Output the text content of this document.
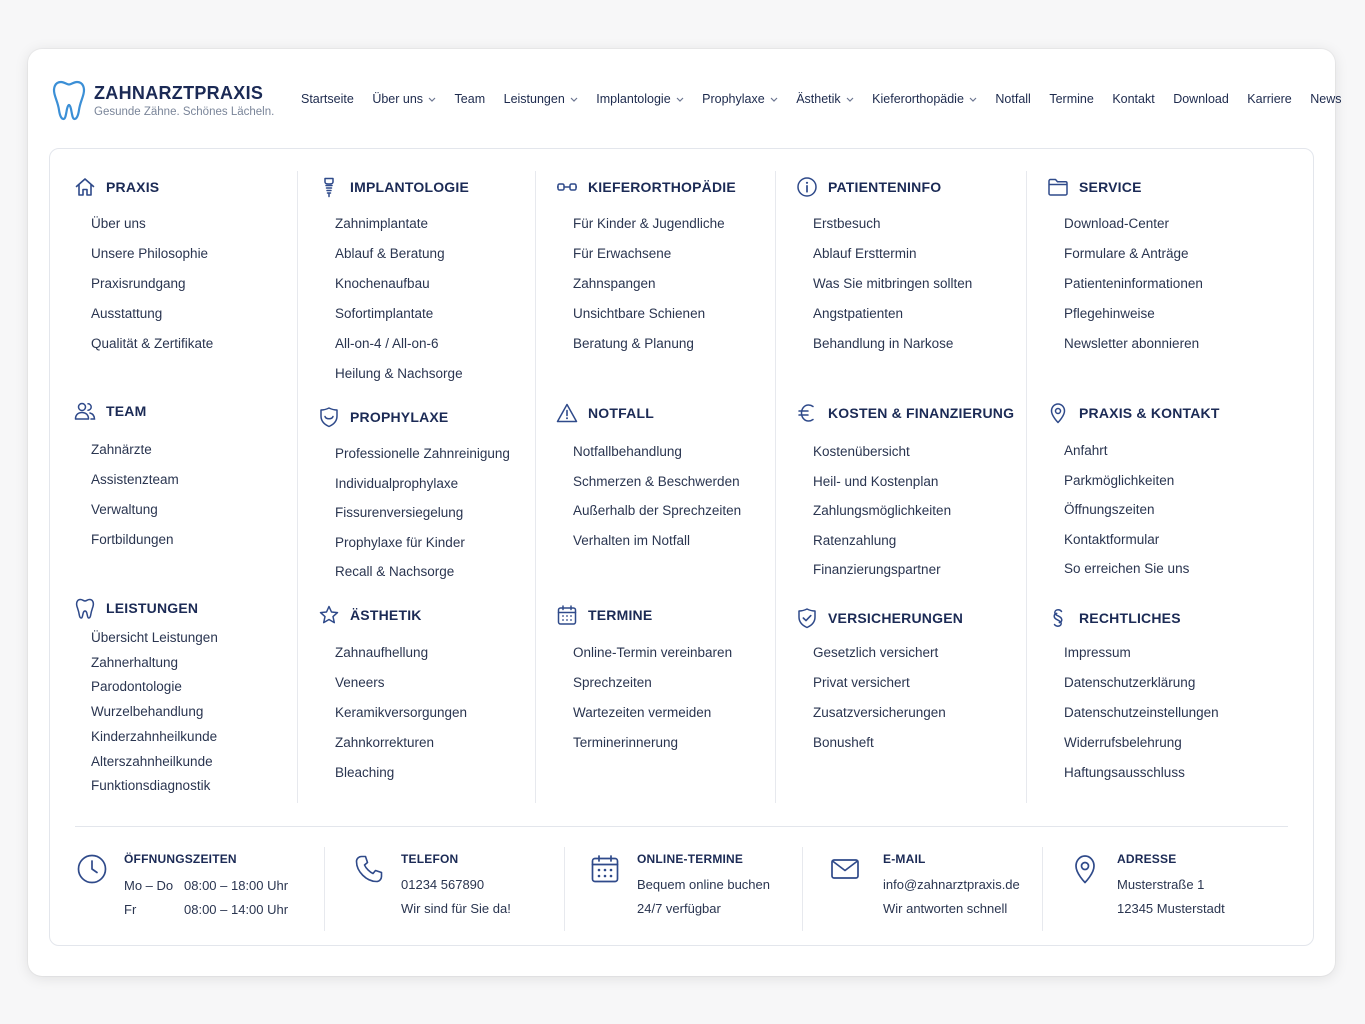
ZAHNARZTPRAXIS
Gesunde Zähne. Schönes Lächeln.
Startseite Über uns	Team Leistungen	Implantologie	Prophylaxe	Ästhetik	Kieferorthopädie	Notfall Termine Kontakt Download Karriere News
PRAXIS
Über uns
Unsere Philosophie
Praxisrundgang
Ausstattung
Qualität & Zertifikate
TEAM
Zahnärzte
Assistenzteam
Verwaltung
Fortbildungen
LEISTUNGEN
Übersicht Leistungen
Zahnerhaltung
Parodontologie
Wurzelbehandlung
Kinderzahnheilkunde
Alterszahnheilkunde
Funktionsdiagnostik
IMPLANTOLOGIE
Zahnimplantate
Ablauf & Beratung
Knochenaufbau
Sofortimplantate
All-on-4 / All-on-6
Heilung & Nachsorge
PROPHYLAXE
Professionelle Zahnreinigung
Individualprophylaxe
Fissurenversiegelung
Prophylaxe für Kinder
Recall & Nachsorge
ÄSTHETIK
Zahnaufhellung
Veneers
Keramikversorgungen
Zahnkorrekturen
Bleaching
KIEFERORTHOPÄDIE
Für Kinder & Jugendliche
Für Erwachsene
Zahnspangen
Unsichtbare Schienen
Beratung & Planung
NOTFALL
Notfallbehandlung
Schmerzen & Beschwerden
Außerhalb der Sprechzeiten
Verhalten im Notfall
TERMINE
Online-Termin vereinbaren
Sprechzeiten
Wartezeiten vermeiden
Terminerinnerung
PATIENTENINFO
Erstbesuch
Ablauf Ersttermin
Was Sie mitbringen sollten
Angstpatienten
Behandlung in Narkose
KOSTEN & FINANZIERUNG
Kostenübersicht
Heil- und Kostenplan
Zahlungsmöglichkeiten
Ratenzahlung
Finanzierungspartner
VERSICHERUNGEN
Gesetzlich versichert
Privat versichert
Zusatzversicherungen
Bonusheft
SERVICE
Download-Center
Formulare & Anträge
Patienteninformationen
Pflegehinweise
Newsletter abonnieren
PRAXIS & KONTAKT
Anfahrt
Parkmöglichkeiten
Öffnungszeiten
Kontaktformular
So erreichen Sie uns
RECHTLICHES
Impressum
Datenschutzerklärung
Datenschutzeinstellungen
Widerrufsbelehrung
Haftungsausschluss
ÖFFNUNGSZEITEN
Mo – Do 08:00 – 18:00 Uhr
Fr	08:00 – 14:00 Uhr
TELEFON
01234 567890
Wir sind für Sie da!
ONLINE-TERMINE
Bequem online buchen
24/7 verfügbar
E-MAIL
info@zahnarztpraxis.de
Wir antworten schnell
ADRESSE
Musterstraße 1
12345 Musterstadt
